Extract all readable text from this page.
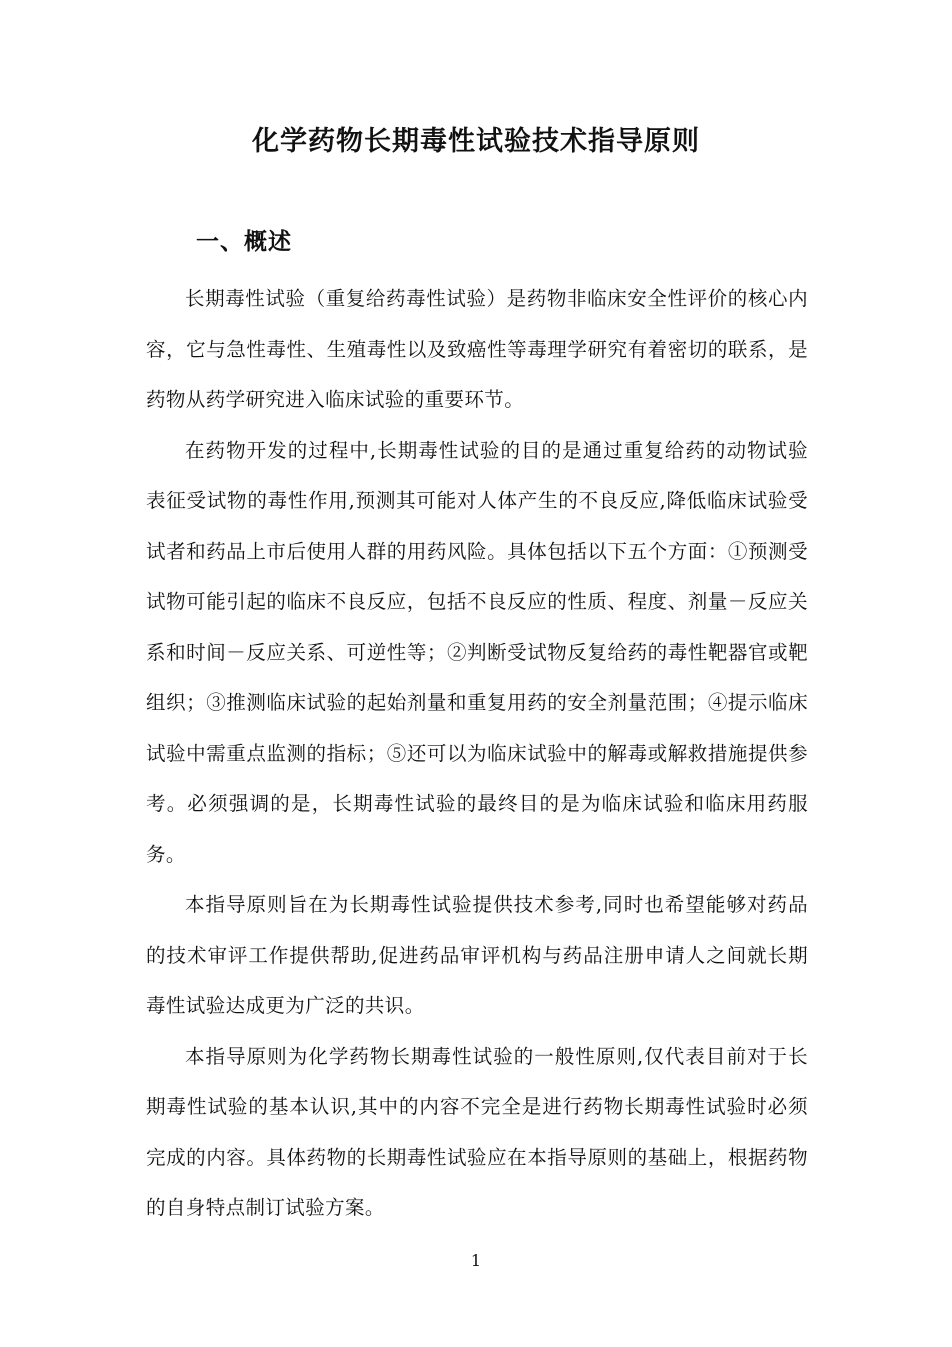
化学药物长期毒性试验技术指导原则
一、概述

长期毒性试验（重复给药毒性试验）是药物非临床安全性评价的核心内容，它与急性毒性、生殖毒性以及致癌性等毒理学研究有着密切的联系，是药物从药学研究进入临床试验的重要环节。

在药物开发的过程中,长期毒性试验的目的是通过重复给药的动物试验表征受试物的毒性作用,预测其可能对人体产生的不良反应,降低临床试验受试者和药品上市后使用人群的用药风险。具体包括以下五个方面：①预测受试物可能引起的临床不良反应，包括不良反应的性质、程度、剂量－反应关系和时间－反应关系、可逆性等；②判断受试物反复给药的毒性靶器官或靶组织；③推测临床试验的起始剂量和重复用药的安全剂量范围；④提示临床试验中需重点监测的指标；⑤还可以为临床试验中的解毒或解救措施提供参考。必须强调的是，长期毒性试验的最终目的是为临床试验和临床用药服务。

本指导原则旨在为长期毒性试验提供技术参考,同时也希望能够对药品的技术审评工作提供帮助,促进药品审评机构与药品注册申请人之间就长期毒性试验达成更为广泛的共识。

本指导原则为化学药物长期毒性试验的一般性原则,仅代表目前对于长期毒性试验的基本认识,其中的内容不完全是进行药物长期毒性试验时必须完成的内容。具体药物的长期毒性试验应在本指导原则的基础上，根据药物的自身特点制订试验方案。

1
